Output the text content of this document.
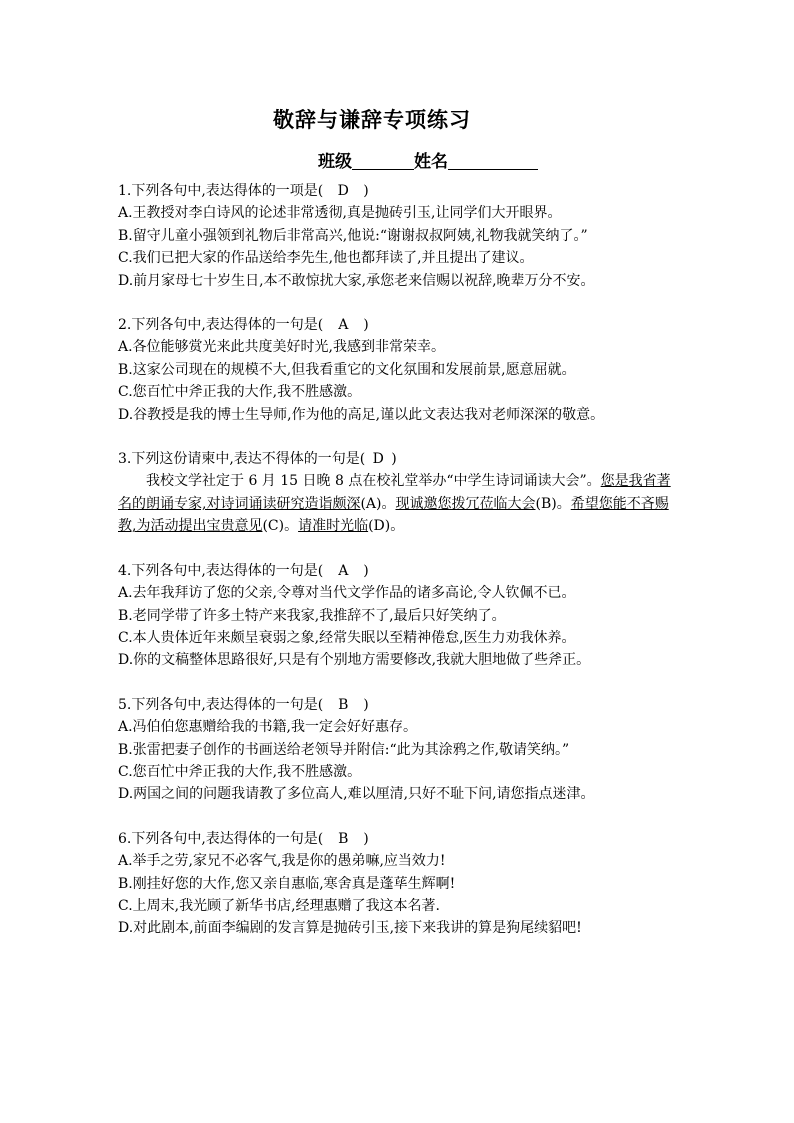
敬辞与谦辞专项练习
班级	姓名

1.下列各句中,表达得体的一项是( D )

A.王教授对李白诗风的论述非常透彻,真是抛砖引玉,让同学们大开眼界。

B.留守儿童小强领到礼物后非常高兴,他说:“谢谢叔叔阿姨,礼物我就笑纳了。”

C.我们已把大家的作品送给李先生,他也都拜读了,并且提出了建议。

D.前月家母七十岁生日,本不敢惊扰大家,承您老来信赐以祝辞,晚辈万分不安。

2.下列各句中,表达得体的一句是( A )

A.各位能够赏光来此共度美好时光,我感到非常荣幸。

B.这家公司现在的规模不大,但我看重它的文化氛围和发展前景,愿意屈就。

C.您百忙中斧正我的大作,我不胜感激。

D.谷教授是我的博士生导师,作为他的高足,谨以此文表达我对老师深深的敬意。

3.下列这份请柬中,表达不得体的一句是( D )

我校文学社定于 6 月 15 日晚 8 点在校礼堂举办“中学生诗词诵读大会”。您是我省著名的朗诵专家,对诗词诵读研究造诣颇深(A)。现诚邀您拨冗莅临大会(B)。希望您能不吝赐教,为活动提出宝贵意见(C)。请准时光临(D)。

4.下列各句中,表达得体的一句是( A )

A.去年我拜访了您的父亲,令尊对当代文学作品的诸多高论,令人钦佩不已。

B.老同学带了许多土特产来我家,我推辞不了,最后只好笑纳了。

C.本人贵体近年来颇呈衰弱之象,经常失眠以至精神倦怠,医生力劝我休养。

D.你的文稿整体思路很好,只是有个别地方需要修改,我就大胆地做了些斧正。

5.下列各句中,表达得体的一句是( B )

A.冯伯伯您惠赠给我的书籍,我一定会好好惠存。

B.张雷把妻子创作的书画送给老领导并附信:“此为其涂鸦之作,敬请笑纳。”

C.您百忙中斧正我的大作,我不胜感激。

D.两国之间的问题我请教了多位高人,难以厘清,只好不耻下问,请您指点迷津。

6.下列各句中,表达得体的一句是( B )

A.举手之劳,家兄不必客气,我是你的愚弟嘛,应当效力!

B.刚挂好您的大作,您又亲自惠临,寒舍真是蓬荜生辉啊!

C.上周末,我光顾了新华书店,经理惠赠了我这本名著.

D.对此剧本,前面李编剧的发言算是抛砖引玉,接下来我讲的算是狗尾续貂吧!
